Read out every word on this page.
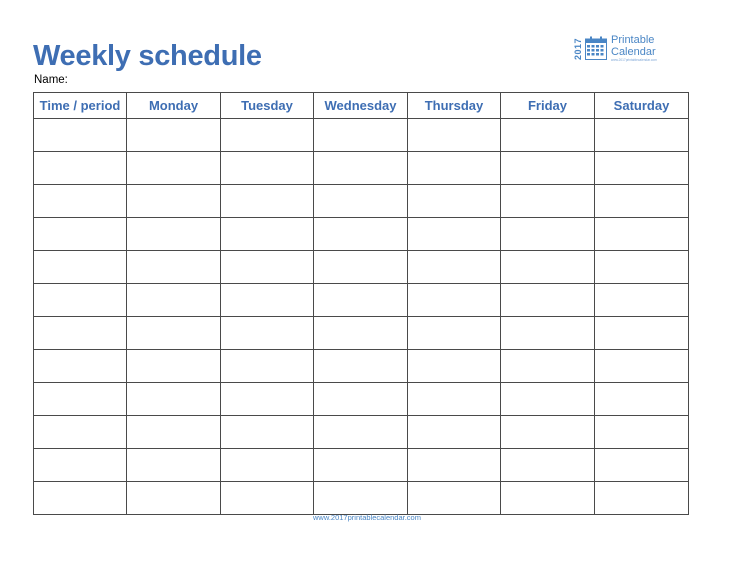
Weekly schedule
Name:
2017	Printable
Calendar
www.2017printablecalendar.com
Time / period	Monday	Tuesday	Wednesday	Thursday	Friday	Saturday

www.2017printablecalendar.com
